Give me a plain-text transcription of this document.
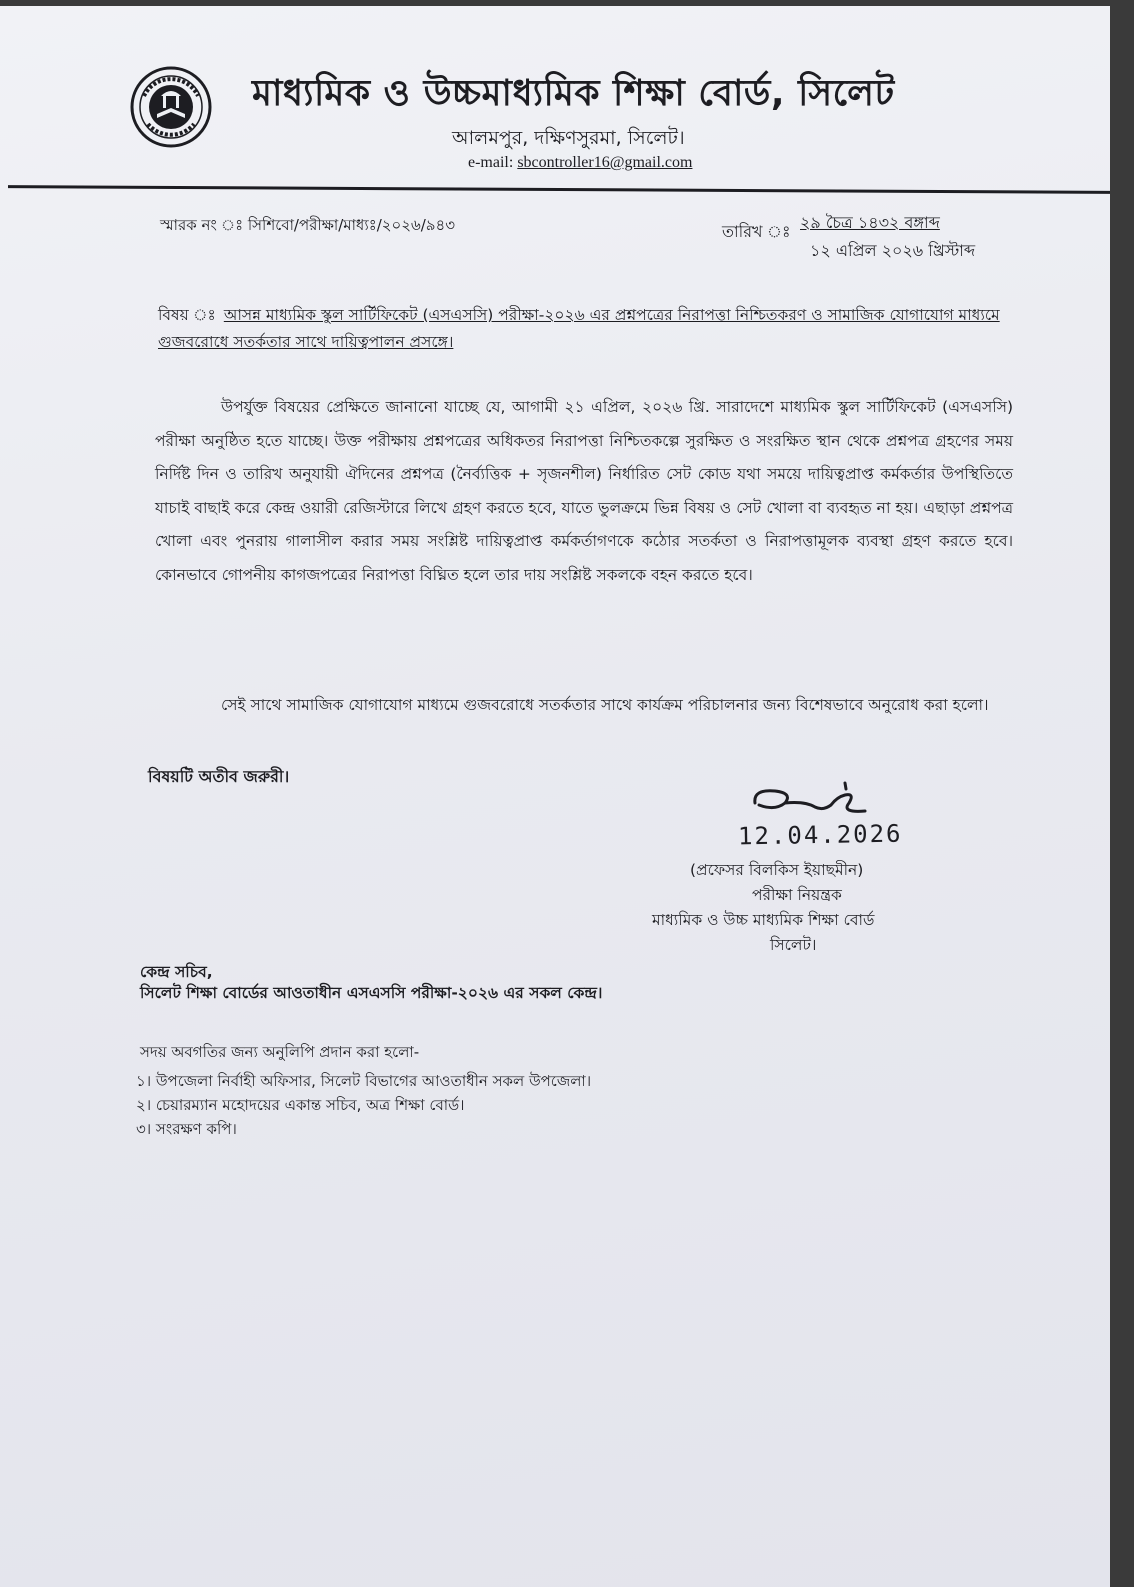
মাধ্যমিক ও উচ্চমাধ্যমিক শিক্ষা বোর্ড, সিলেট
আলমপুর, দক্ষিণসুরমা, সিলেট।
e-mail: sbcontroller16@gmail.com
স্মারক নং ঃ সিশিবো/পরীক্ষা/মাধ্যঃ/২০২৬/৯৪৩	তারিখ ঃ ২৯ চৈত্র ১৪৩২ বঙ্গাব্দ
১২ এপ্রিল ২০২৬ খ্রিস্টাব্দ
বিষয় ঃ আসন্ন মাধ্যমিক স্কুল সার্টিফিকেট (এসএসসি) পরীক্ষা-২০২৬ এর প্রশ্নপত্রের নিরাপত্তা নিশ্চিতকরণ ও সামাজিক যোগাযোগ মাধ্যমে গুজবরোধে সতর্কতার সাথে দায়িত্বপালন প্রসঙ্গে।
উপর্যুক্ত বিষয়ের প্রেক্ষিতে জানানো যাচ্ছে যে, আগামী ২১ এপ্রিল, ২০২৬ খ্রি. সারাদেশে মাধ্যমিক স্কুল সার্টিফিকেট (এসএসসি) পরীক্ষা অনুষ্ঠিত হতে যাচ্ছে। উক্ত পরীক্ষায় প্রশ্নপত্রের অধিকতর নিরাপত্তা নিশ্চিতকল্পে সুরক্ষিত ও সংরক্ষিত স্থান থেকে প্রশ্নপত্র গ্রহণের সময় নির্দিষ্ট দিন ও তারিখ অনুযায়ী ঐদিনের প্রশ্নপত্র (নৈর্ব্যত্তিক + সৃজনশীল) নির্ধারিত সেট কোড যথা সময়ে দায়িত্বপ্রাপ্ত কর্মকর্তার উপস্থিতিতে যাচাই বাছাই করে কেন্দ্র ওয়ারী রেজিস্টারে লিখে গ্রহণ করতে হবে, যাতে ভুলক্রমে ভিন্ন বিষয় ও সেট খোলা বা ব্যবহৃত না হয়। এছাড়া প্রশ্নপত্র খোলা এবং পুনরায় গালাসীল করার সময় সংশ্লিষ্ট দায়িত্বপ্রাপ্ত কর্মকর্তাগণকে কঠোর সতর্কতা ও নিরাপত্তামূলক ব্যবস্থা গ্রহণ করতে হবে। কোনভাবে গোপনীয় কাগজপত্রের নিরাপত্তা বিঘ্নিত হলে তার দায় সংশ্লিষ্ট সকলকে বহন করতে হবে।
সেই সাথে সামাজিক যোগাযোগ মাধ্যমে গুজবরোধে সতর্কতার সাথে কার্যক্রম পরিচালনার জন্য বিশেষভাবে অনুরোধ করা হলো।
বিষয়টি অতীব জরুরী।
12.04.2026
(প্রফেসর বিলকিস ইয়াছমীন)
পরীক্ষা নিয়ন্ত্রক
মাধ্যমিক ও উচ্চ মাধ্যমিক শিক্ষা বোর্ড
সিলেট।
কেন্দ্র সচিব,
সিলেট শিক্ষা বোর্ডের আওতাধীন এসএসসি পরীক্ষা-২০২৬ এর সকল কেন্দ্র।
সদয় অবগতির জন্য অনুলিপি প্রদান করা হলো-
১। উপজেলা নির্বাহী অফিসার, সিলেট বিভাগের আওতাধীন সকল উপজেলা।
২। চেয়ারম্যান মহোদয়ের একান্ত সচিব, অত্র শিক্ষা বোর্ড।
৩। সংরক্ষণ কপি।
